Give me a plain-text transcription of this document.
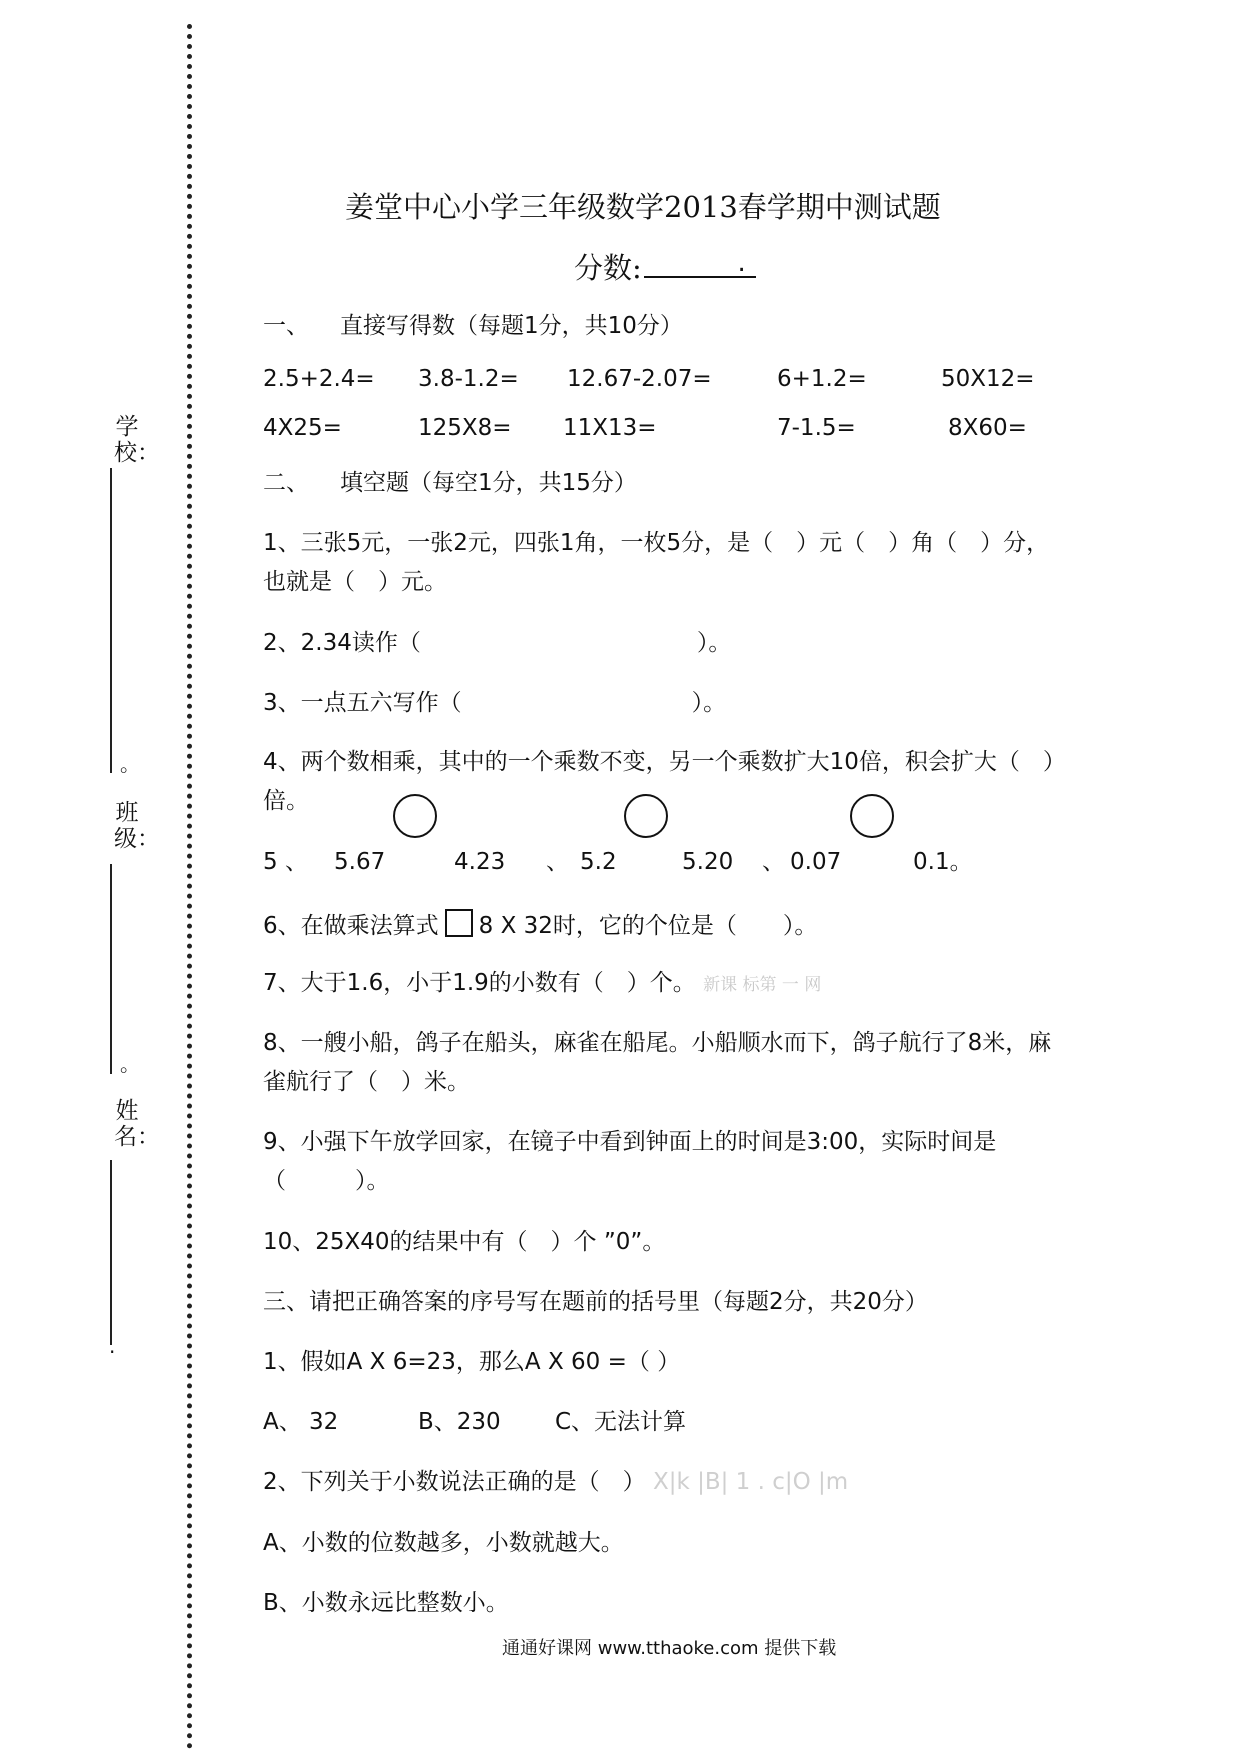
学校：
。
班级：
。
姓名：
.
姜堂中心小学三年级数学2013春学期中测试题
分数:	.
一、 直接写得数（每题1分，共10分）
2.5+2.4= 3.8-1.2= 12.67-2.07=	6+1.2=	50X12=
4X25=	125X8= 11X13=	7-1.5=	8X60=
二、 填空题（每空1分，共15分）
1、三张5元，一张2元，四张1角，一枚5分，是（　）元（　）角（　）分，
也就是（　）元。
2、2.34读作（　　　　　　　　　　　　）。
3、一点五六写作（　　　　　　　　　　）。
4、两个数相乘，其中的一个乘数不变，另一个乘数扩大10倍，积会扩大（　）
倍。
5 、 5.67	4.23 、 5.2	5.20 、 0.07	0.1。
6、在做乘法算式 8 X 32时，它的个位是（　　）。
7、大于1.6，小于1.9的小数有（　）个。 新课 标第 一 网
8、一艘小船，鸽子在船头，麻雀在船尾。小船顺水而下，鸽子航行了8米，麻
雀航行了（　）米。
9、小强下午放学回家，在镜子中看到钟面上的时间是3:00，实际时间是
（　　　）。
10、25X40的结果中有（　）个 ”0”。
三、请把正确答案的序号写在题前的括号里（每题2分，共20分）
1、假如A X 6=23，那么A X 60 =（ ）
A、 32	B、230 C、无法计算
2、下列关于小数说法正确的是（　） X|k |B| 1 . c|O |m
A、小数的位数越多，小数就越大。
B、小数永远比整数小。
通通好课网 www.tthaoke.com 提供下载
